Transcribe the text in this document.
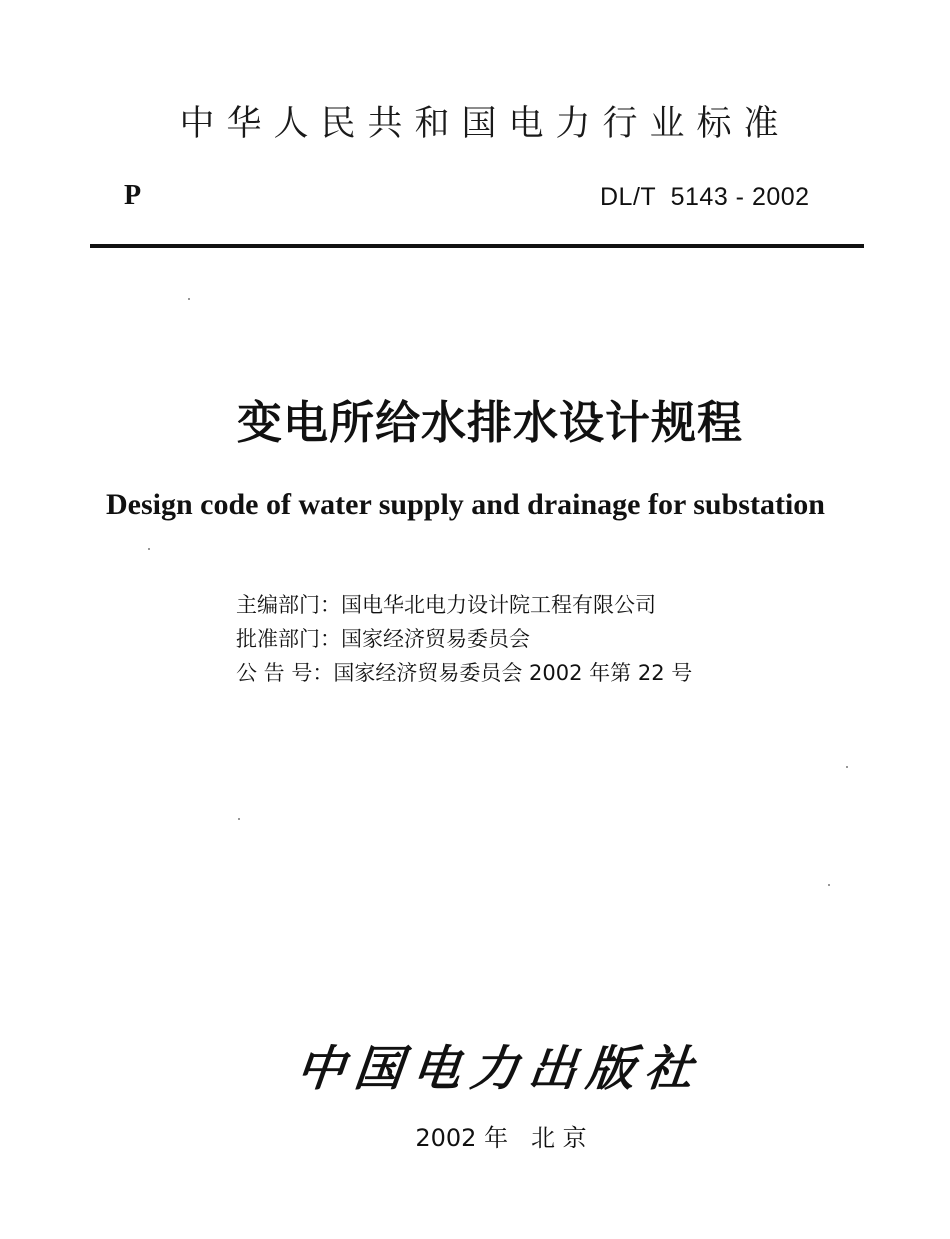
中华人民共和国电力行业标准
P	DL/T  5143 - 2002
变电所给水排水设计规程
Design code of water supply and drainage for substation
主编部门：国电华北电力设计院工程有限公司
批准部门：国家经济贸易委员会
公 告 号：国家经济贸易委员会 2002 年第 22 号
中国电力出版社
2002 年   北 京
